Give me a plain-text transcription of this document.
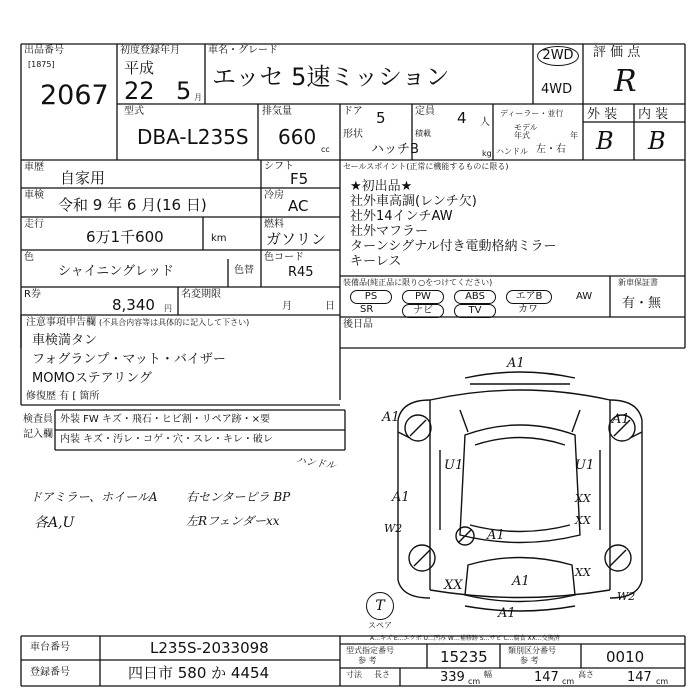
出品番号
[1875]
2067
初度登録年月
平成
22 5 月
車名・グレード
エッセ 5速ミッション
2WD
4WD
評 価 点
R
外 装 内 装
B B
型式
DBA-L235S
排気量
660
cc
ドア 5
形状
ハッチB
定員 4 人
積載
kg
ディーラー・並行
モデル
年式	年
ハンドル 左・右
車歴
自家用
車検
令和 9 年 6 月(16 日)
走行
6万1千600	km
色
シャイニングレッド	色替
R券
8,340 円
名変期限
月	日
シフト
F5
冷房
AC
燃料
ガソリン
色コード
R45
セールスポイント(正常に機能するものに限る)
★初出品★
社外車高調(レンチ欠)
社外14インチAW
社外マフラー
ターンシグナル付き電動格納ミラー
キーレス
装備品(純正品に限り○をつけてください)
PS	PW	ABS	エアB	AW
SR	ナビ	TV	カワ
新車保証書
有・無
後日品
注意事項申告欄 (不具合内容等は具体的に記入して下さい)
車検満タン
フォグランプ・マット・バイザー
MOMOステアリング
修復歴 有 [ 箇所
検査員
記入欄
外装 FW キズ・飛石・ヒビ割・リペア跡・×要
内装 キズ・汚レ・コゲ・穴・スレ・キレ・破レ
ハンドル
ドアミラー、ホイールA 右センターピラ BP
各A,U	左Rフェンダーxx
A1
A1	A1
U1	U1
A1
W2
XX
XX
XX	A1
W2
XX
A1
A1
T
スペア
A…キズ E…エクボ U…凹み W…補修跡 S…サビ C…腐食 XX…交換済
車台番号	L235S-2033098
登録番号	四日市 580 か 4454
型式指定番号
参 考	15235	類別区分番号
参 考	0010
寸法 長さ	339 cm
幅	147 cm
高さ	147 cm
